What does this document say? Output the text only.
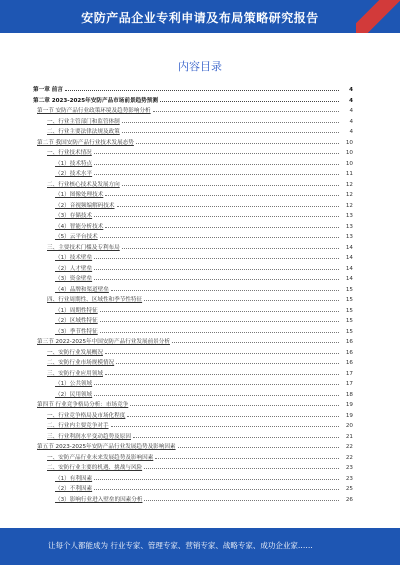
安防产品企业专利申请及布局策略研究报告
内容目录
第一章 前言	4
第二章 2023-2025年安防产品市场前景趋势预测	4
第一节 安防产品行业政策环境及趋势影响分析	4
一、行业主管部门和监管体制	4
二、行业主要法律法规及政策	4
第二节 我国安防产品行业技术发展态势	10
一、行业技术情况	10
（1）技术特点	10
（2）技术水平	11
二、行业核心技术及发展方向	12
（1）图像处理技术	12
（2）音视频编解码技术	12
（3）存储技术	13
（4）智能分析技术	13
（5）云平台技术	13
三、主要技术门槛及专利布局	14
（1）技术壁垒	14
（2）人才壁垒	14
（3）资金壁垒	14
（4）品牌和渠道壁垒	15
四、行业周期性、区域性和季节性特征	15
（1）周期性特征	15
（2）区域性特征	15
（3）季节性特征	15
第三节 2022-2025年中国安防产品行业发展前景分析	16
一、安防行业发展概况	16
二、安防行业市场规模情况	16
三、安防行业应用领域	17
（1）公共领域	17
（2）民用领域	18
第四节 行业竞争格局分析：市场竞争	19
一、行业竞争格局及市场化程度	19
二、行业内主要竞争对手	20
三、行业利润水平变动趋势及原因	21
第五节 2023-2025年安防产品行业发展趋势及影响因素	22
一、安防产品行业未来发展趋势及影响因素	22
二、安防行业主要的机遇、挑战与风险	23
（1）有利因素	23
（2）不利因素	25
（3）影响行业进入壁垒的因素分析	26
让每个人都能成为 行业专家、管理专家、营销专家、战略专家、成功企业家……
